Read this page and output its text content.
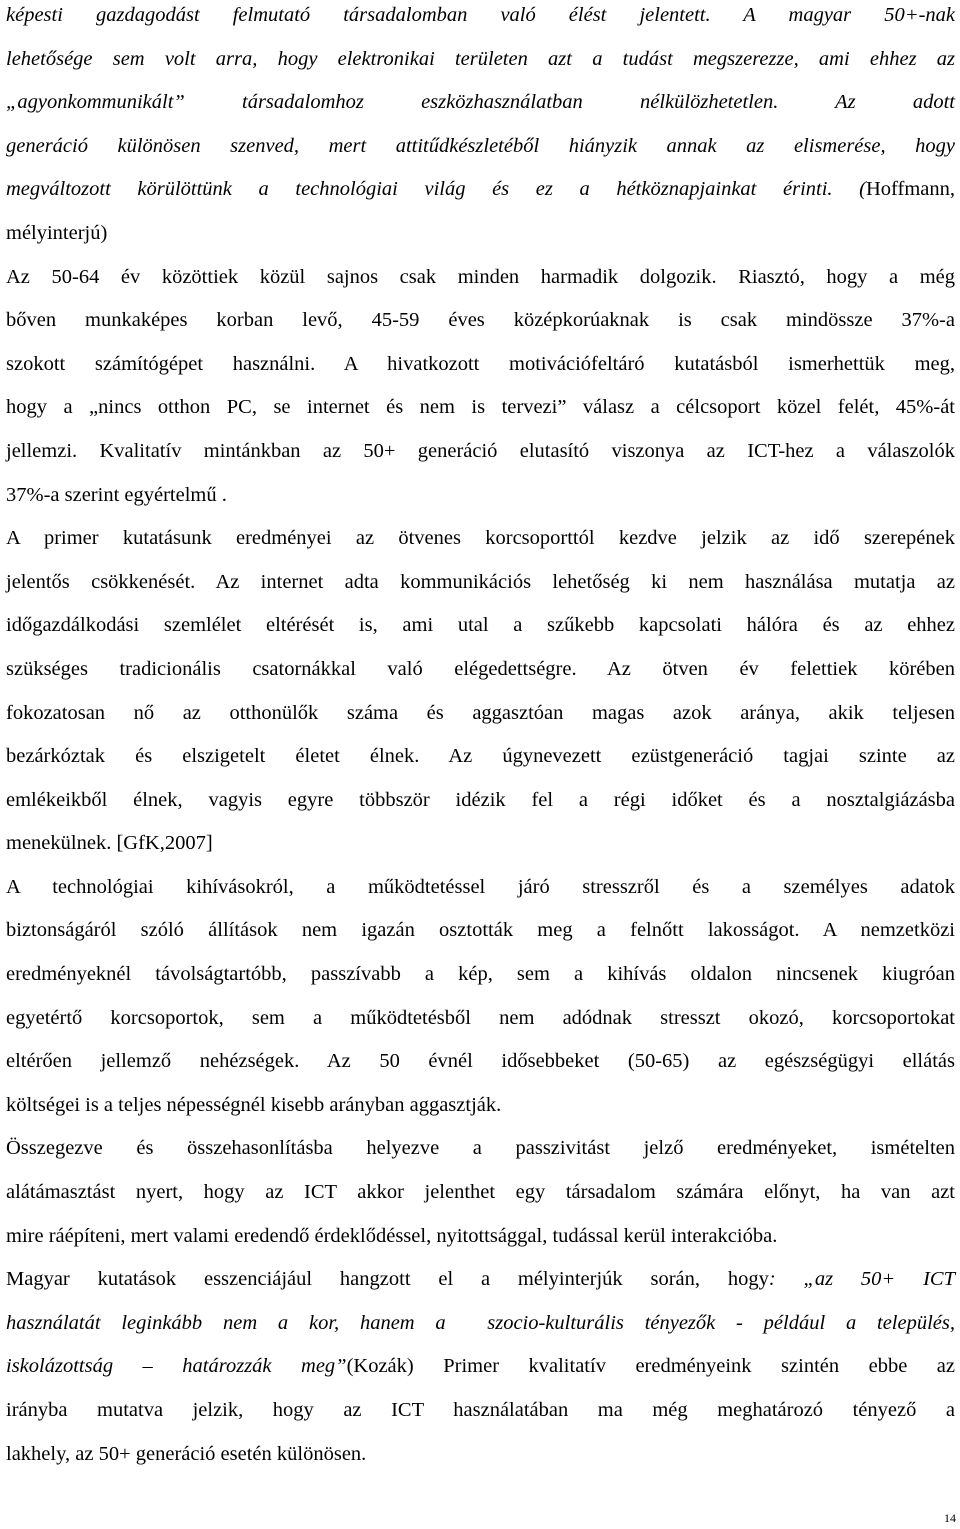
képesti gazdagodást felmutató társadalomban való élést jelentett. A magyar 50+-nak
lehetősége sem volt arra, hogy elektronikai területen azt a tudást megszerezze, ami ehhez az
„agyonkommunikált” társadalomhoz eszközhasználatban nélkülözhetetlen. Az adott
generáció különösen szenved, mert attitűdkészletéből hiányzik annak az elismerése, hogy
megváltozott körülöttünk a technológiai világ és ez a hétköznapjainkat érinti. (Hoffmann,
mélyinterjú)
Az 50-64 év közöttiek közül sajnos csak minden harmadik dolgozik. Riasztó, hogy a még
bőven munkaképes korban levő, 45-59 éves középkorúaknak is csak mindössze 37%-a
szokott számítógépet használni. A hivatkozott motivációfeltáró kutatásból ismerhettük meg,
hogy a „nincs otthon PC, se internet és nem is tervezi” válasz a célcsoport közel felét, 45%-át
jellemzi. Kvalitatív mintánkban az 50+ generáció elutasító viszonya az ICT-hez a válaszolók
37%-a szerint egyértelmű .
A primer kutatásunk eredményei az ötvenes korcsoporttól kezdve jelzik az idő szerepének
jelentős csökkenését. Az internet adta kommunikációs lehetőség ki nem használása mutatja az
időgazdálkodási szemlélet eltérését is, ami utal a szűkebb kapcsolati hálóra és az ehhez
szükséges tradicionális csatornákkal való elégedettségre. Az ötven év felettiek körében
fokozatosan nő az otthonülők száma és aggasztóan magas azok aránya, akik teljesen
bezárkóztak és elszigetelt életet élnek. Az úgynevezett ezüstgeneráció tagjai szinte az
emlékeikből élnek, vagyis egyre többször idézik fel a régi időket és a nosztalgiázásba
menekülnek. [GfK,2007]
A technológiai kihívásokról, a működtetéssel járó stresszről és a személyes adatok
biztonságáról szóló állítások nem igazán osztották meg a felnőtt lakosságot. A nemzetközi
eredményeknél távolságtartóbb, passzívabb a kép, sem a kihívás oldalon nincsenek kiugróan
egyetértő korcsoportok, sem a működtetésből nem adódnak stresszt okozó, korcsoportokat
eltérően jellemző nehézségek. Az 50 évnél idősebbeket (50-65) az egészségügyi ellátás
költségei is a teljes népességnél kisebb arányban aggasztják.
Összegezve és összehasonlításba helyezve a passzivitást jelző eredményeket, ismételten
alátámasztást nyert, hogy az ICT akkor jelenthet egy társadalom számára előnyt, ha van azt
mire ráépíteni, mert valami eredendő érdeklődéssel, nyitottsággal, tudással kerül interakcióba.
Magyar kutatások esszenciájául hangzott el a mélyinterjúk során, hogy: „az 50+ ICT
használatát leginkább nem a kor, hanem a  szocio-kulturális tényezők - például a település,
iskolázottság – határozzák meg”(Kozák) Primer kvalitatív eredményeink szintén ebbe az
irányba mutatva jelzik, hogy az ICT használatában ma még meghatározó tényező a
lakhely, az 50+ generáció esetén különösen.
14
